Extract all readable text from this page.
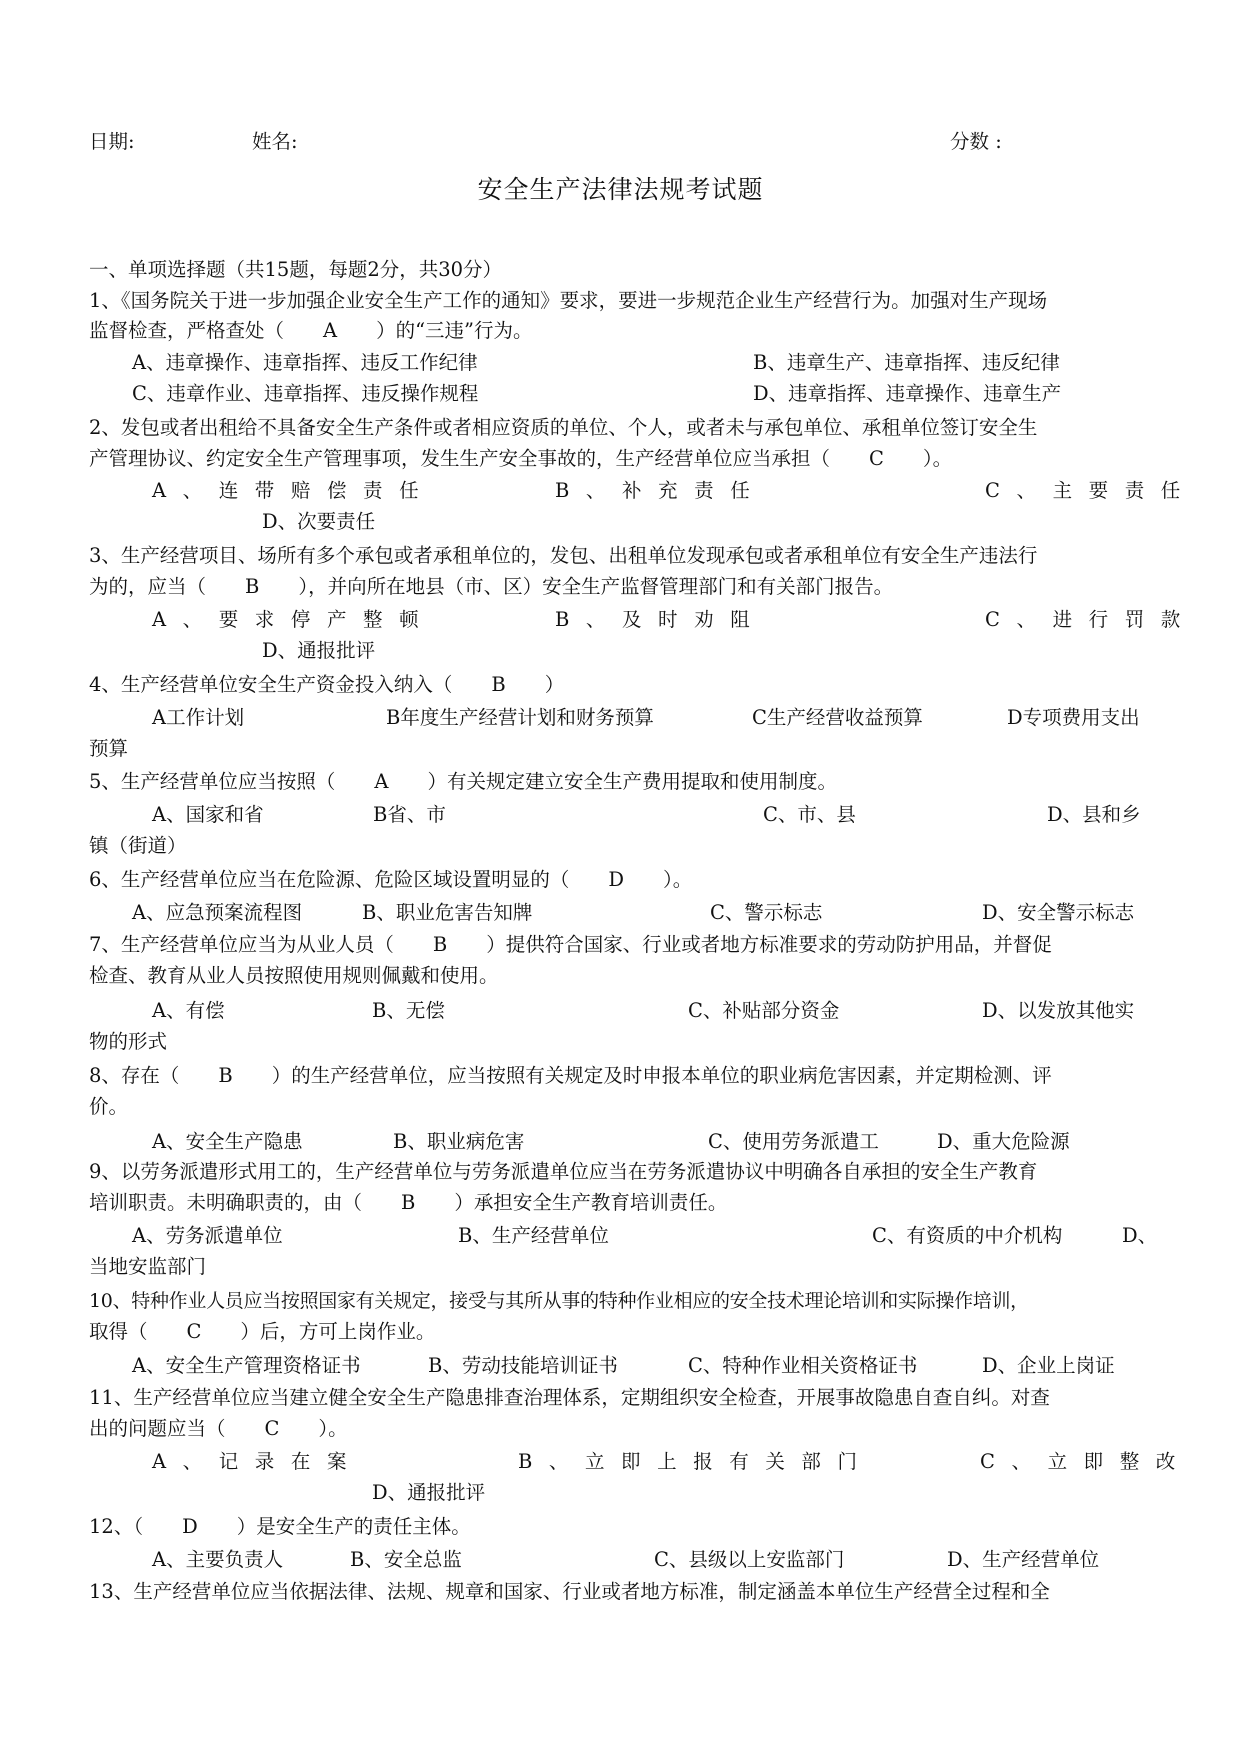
日期:	姓名:	分数 :
安全生产法律法规考试题
一、单项选择题（共15题，每题2分，共30分）
1、《国务院关于进一步加强企业安全生产工作的通知》要求，要进一步规范企业生产经营行为。加强对生产现场
监督检查，严格查处（　　A　　）的“三违”行为。
A、违章操作、违章指挥、违反工作纪律	B、违章生产、违章指挥、违反纪律
C、违章作业、违章指挥、违反操作规程	D、违章指挥、违章操作、违章生产
2、发包或者出租给不具备安全生产条件或者相应资质的单位、个人，或者未与承包单位、承租单位签订安全生
产管理协议、约定安全生产管理事项，发生生产安全事故的，生产经营单位应当承担（　　C　　）。
A、连带赔偿责任	B、补充责任	C、主要责任
D、次要责任
3、生产经营项目、场所有多个承包或者承租单位的，发包、出租单位发现承包或者承租单位有安全生产违法行
为的，应当（　　B　　），并向所在地县（市、区）安全生产监督管理部门和有关部门报告。
A、要求停产整顿	B、及时劝阻	C、进行罚款
D、通报批评
4、生产经营单位安全生产资金投入纳入（　　B　　）
A工作计划	B年度生产经营计划和财务预算	C生产经营收益预算	D专项费用支出
预算
5、生产经营单位应当按照（　　A　　）有关规定建立安全生产费用提取和使用制度。
A、国家和省	B省、市	C、市、县	D、县和乡
镇（街道）
6、生产经营单位应当在危险源、危险区域设置明显的（　　D　　）。
A、应急预案流程图	B、职业危害告知牌	C、警示标志	D、安全警示标志
7、生产经营单位应当为从业人员（　　B　　）提供符合国家、行业或者地方标准要求的劳动防护用品，并督促
检查、教育从业人员按照使用规则佩戴和使用。
A、有偿	B、无偿	C、补贴部分资金	D、以发放其他实
物的形式
8、存在（　　B　　）的生产经营单位，应当按照有关规定及时申报本单位的职业病危害因素，并定期检测、评
价。
A、安全生产隐患	B、职业病危害	C、使用劳务派遣工	D、重大危险源
9、以劳务派遣形式用工的，生产经营单位与劳务派遣单位应当在劳务派遣协议中明确各自承担的安全生产教育
培训职责。未明确职责的，由（　　B　　）承担安全生产教育培训责任。
A、劳务派遣单位	B、生产经营单位	C、有资质的中介机构	D、
当地安监部门
10、特种作业人员应当按照国家有关规定，接受与其所从事的特种作业相应的安全技术理论培训和实际操作培训，
取得（　　C　　）后，方可上岗作业。
A、安全生产管理资格证书	B、劳动技能培训证书	C、特种作业相关资格证书	D、企业上岗证
11、生产经营单位应当建立健全安全生产隐患排查治理体系，定期组织安全检查，开展事故隐患自查自纠。对查
出的问题应当（　　C　　）。
A、记录在案	B、立即上报有关部门	C、立即整改
D、通报批评
12、（　　D　　）是安全生产的责任主体。
A、主要负责人	B、安全总监	C、县级以上安监部门	D、生产经营单位
13、生产经营单位应当依据法律、法规、规章和国家、行业或者地方标准，制定涵盖本单位生产经营全过程和全
